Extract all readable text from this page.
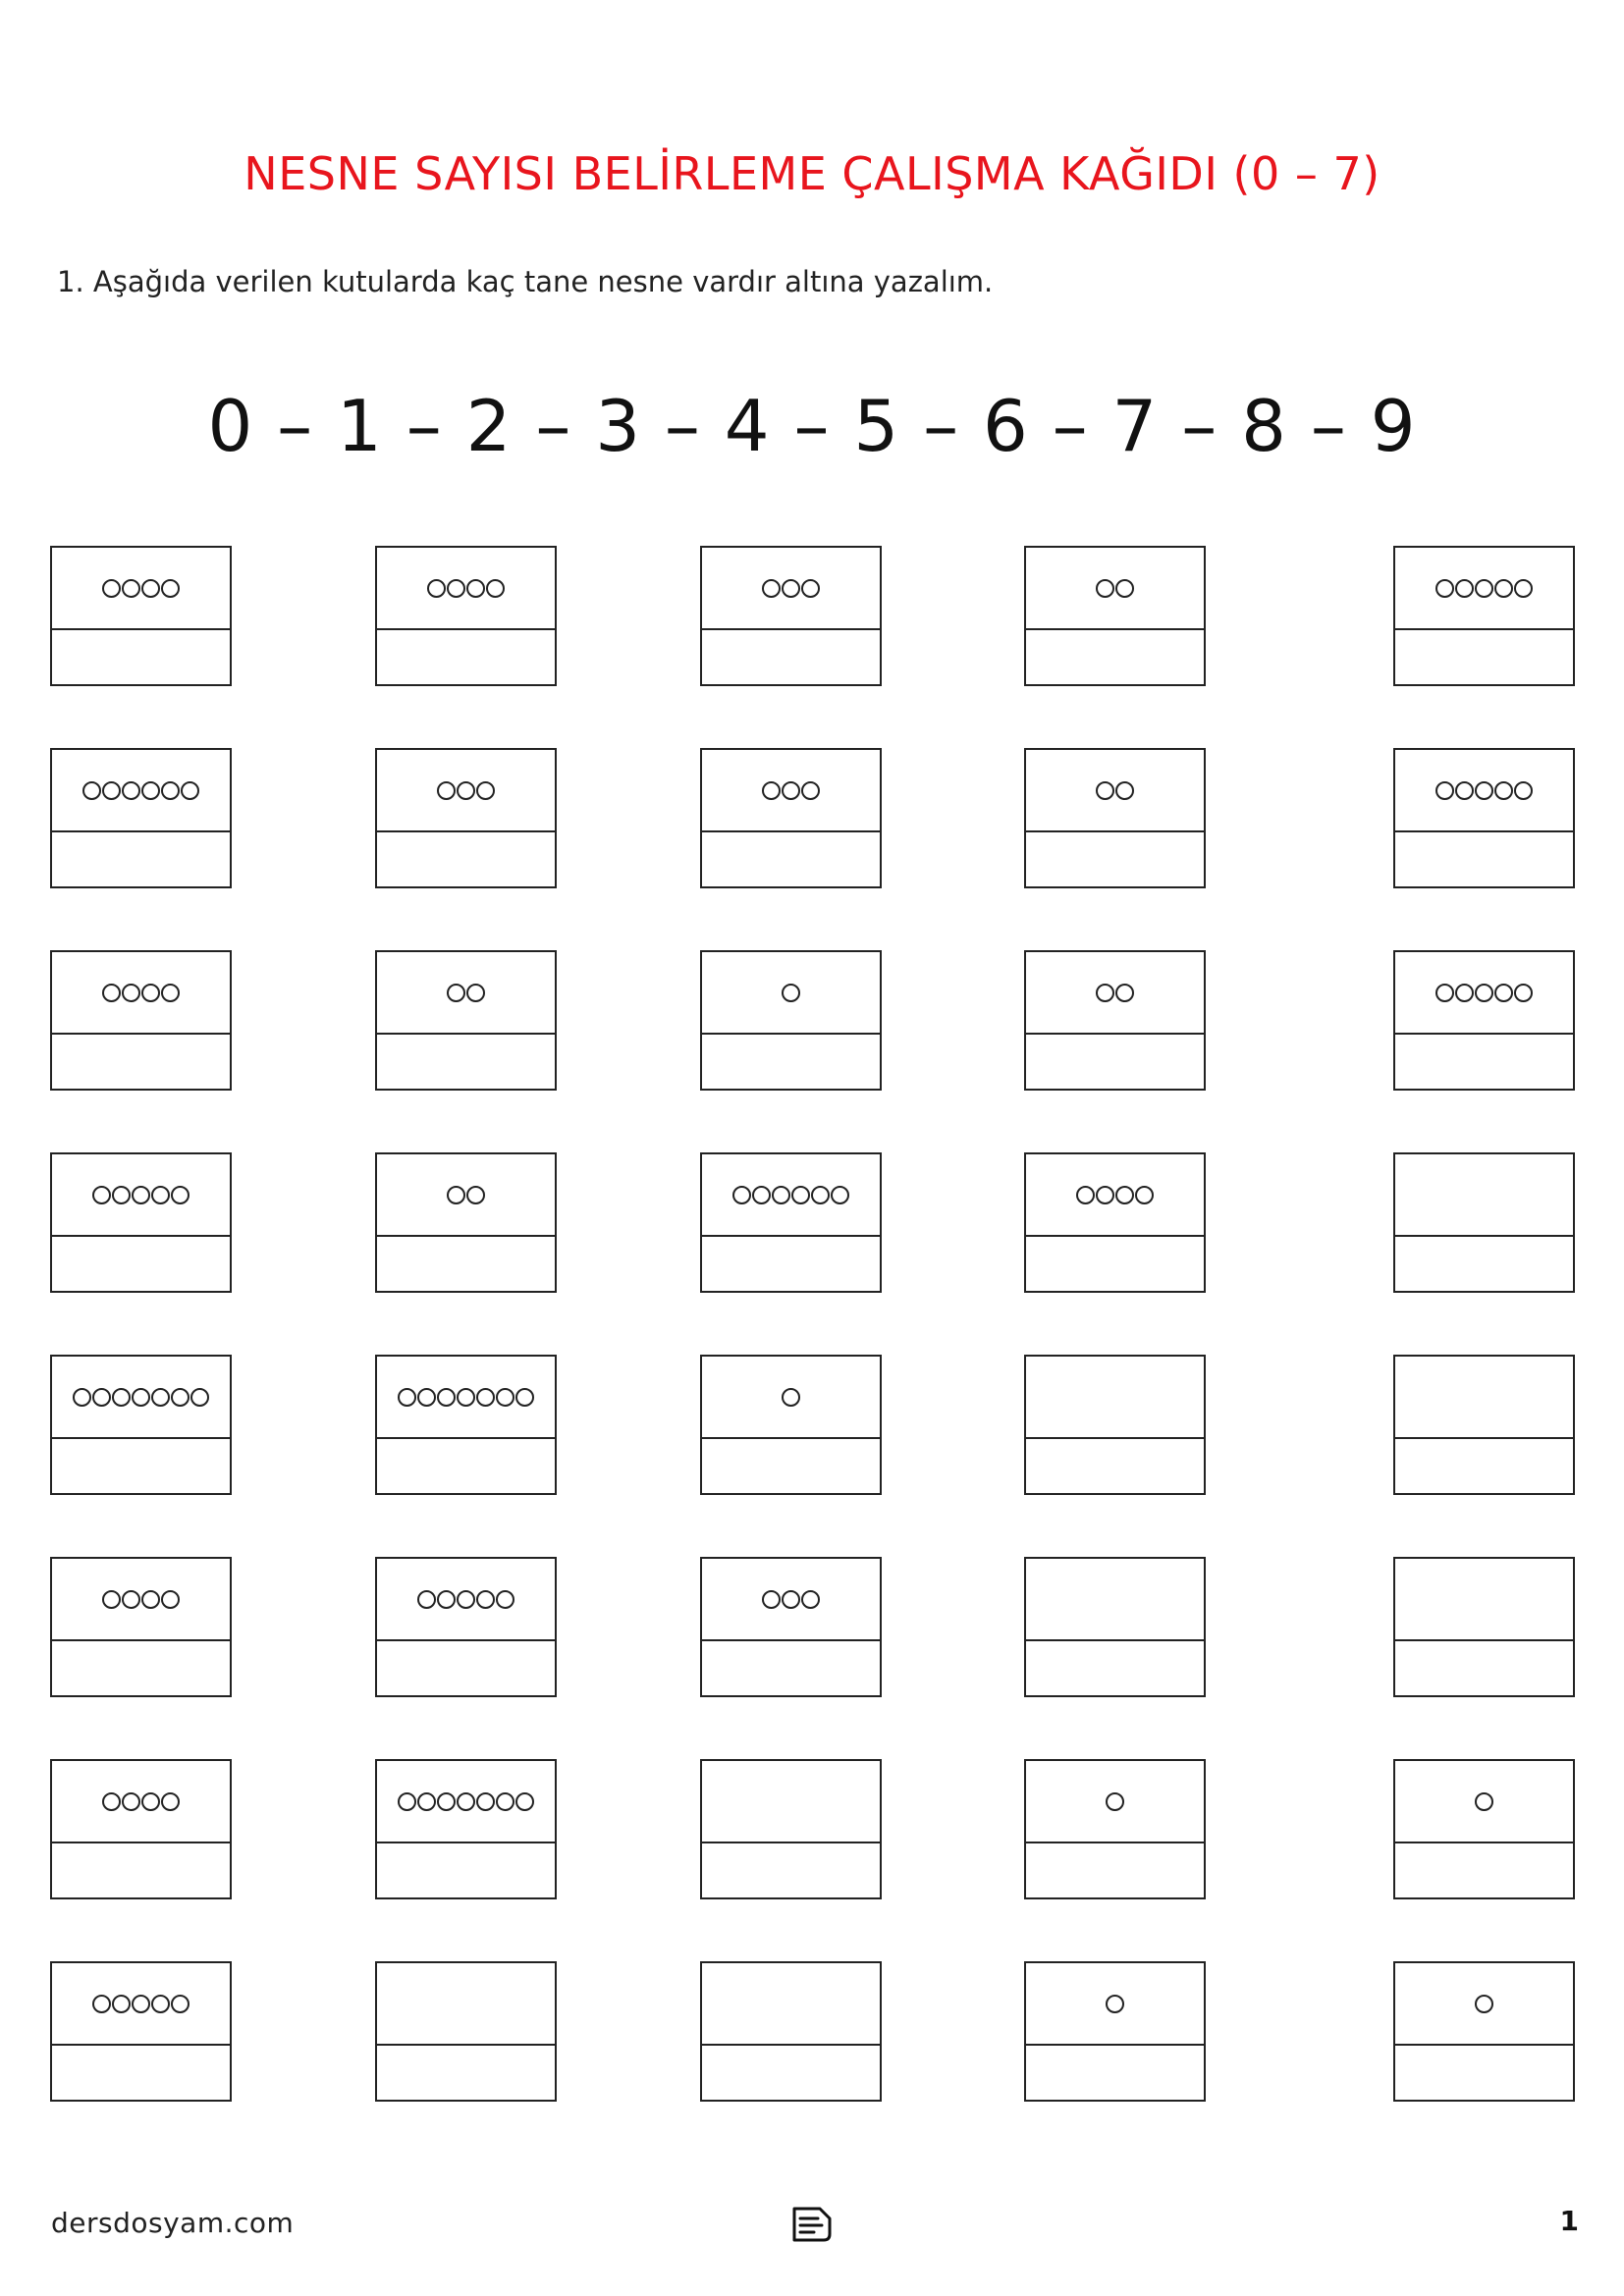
NESNE SAYISI BELİRLEME ÇALIŞMA KAĞIDI (0 – 7)
1. Aşağıda verilen kutularda kaç tane nesne vardır altına yazalım.
0 – 1 – 2 – 3 – 4 – 5 – 6 – 7 – 8 – 9
dersdosyam.com	1
